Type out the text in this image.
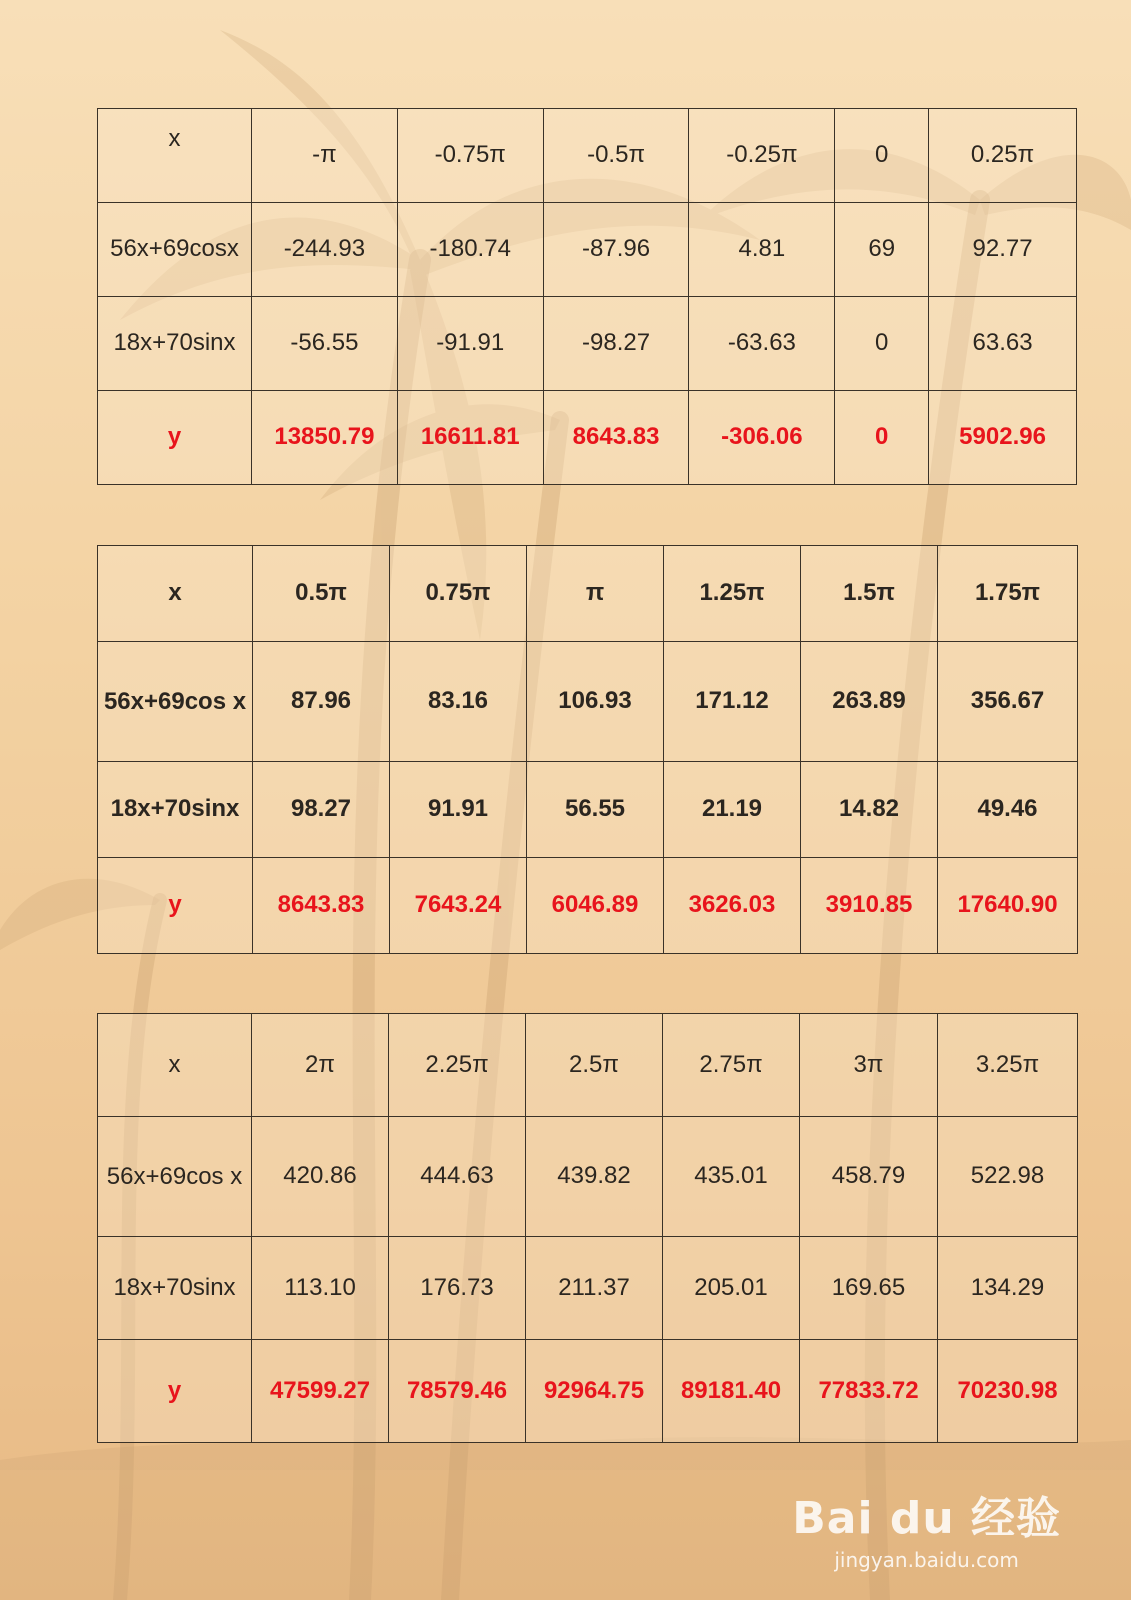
x	-π	-0.75π	-0.5π	-0.25π	0	0.25π
56x+69cosx	-244.93	-180.74	-87.96	4.81	69	92.77
18x+70sinx	-56.55	-91.91	-98.27	-63.63	0	63.63
y	13850.79	16611.81	8643.83	-306.06	0	5902.96
x	0.5π	0.75π	π	1.25π	1.5π	1.75π
56x+69cos x	87.96	83.16	106.93	171.12	263.89	356.67
18x+70sinx	98.27	91.91	56.55	21.19	14.82	49.46
y	8643.83	7643.24	6046.89	3626.03	3910.85	17640.90
x	2π	2.25π	2.5π	2.75π	3π	3.25π
56x+69cos x	420.86	444.63	439.82	435.01	458.79	522.98
18x+70sinx	113.10	176.73	211.37	205.01	169.65	134.29
y	47599.27	78579.46	92964.75	89181.40	77833.72	70230.98
Bai du 经验
jingyan.baidu.com
